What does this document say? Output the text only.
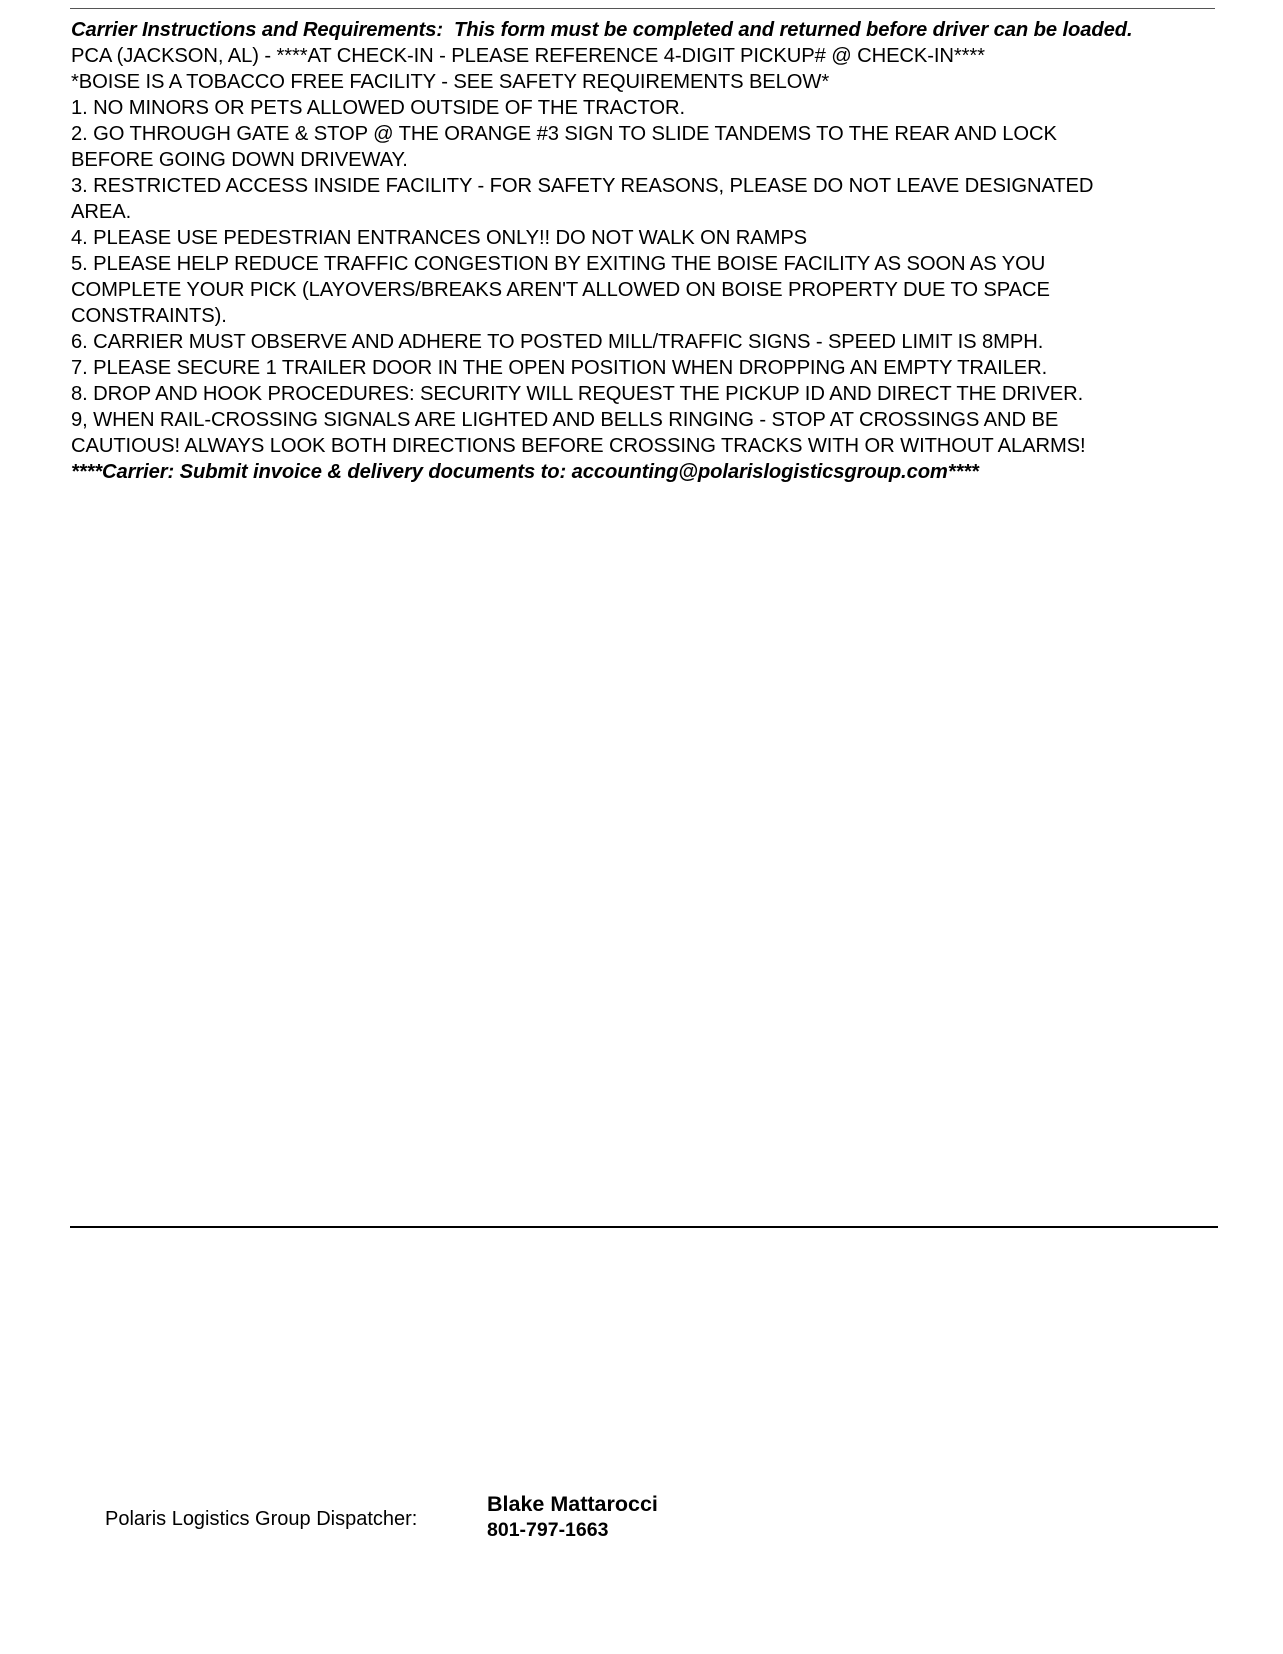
Carrier Instructions and Requirements:  This form must be completed and returned before driver can be loaded.
PCA (JACKSON, AL) - ****AT CHECK-IN - PLEASE REFERENCE 4-DIGIT PICKUP# @ CHECK-IN****
*BOISE IS A TOBACCO FREE FACILITY - SEE SAFETY REQUIREMENTS BELOW*
1. NO MINORS OR PETS ALLOWED OUTSIDE OF THE TRACTOR.
2. GO THROUGH GATE & STOP @ THE ORANGE #3 SIGN TO SLIDE TANDEMS TO THE REAR AND LOCK
BEFORE GOING DOWN DRIVEWAY.
3. RESTRICTED ACCESS INSIDE FACILITY - FOR SAFETY REASONS, PLEASE DO NOT LEAVE DESIGNATED
AREA.
4. PLEASE USE PEDESTRIAN ENTRANCES ONLY!! DO NOT WALK ON RAMPS
5. PLEASE HELP REDUCE TRAFFIC CONGESTION BY EXITING THE BOISE FACILITY AS SOON AS YOU
COMPLETE YOUR PICK (LAYOVERS/BREAKS AREN'T ALLOWED ON BOISE PROPERTY DUE TO SPACE
CONSTRAINTS).
6. CARRIER MUST OBSERVE AND ADHERE TO POSTED MILL/TRAFFIC SIGNS - SPEED LIMIT IS 8MPH.
7. PLEASE SECURE 1 TRAILER DOOR IN THE OPEN POSITION WHEN DROPPING AN EMPTY TRAILER.
8. DROP AND HOOK PROCEDURES: SECURITY WILL REQUEST THE PICKUP ID AND DIRECT THE DRIVER.
9, WHEN RAIL-CROSSING SIGNALS ARE LIGHTED AND BELLS RINGING - STOP AT CROSSINGS AND BE
CAUTIOUS! ALWAYS LOOK BOTH DIRECTIONS BEFORE CROSSING TRACKS WITH OR WITHOUT ALARMS!
****Carrier: Submit invoice & delivery documents to: accounting@polarislogisticsgroup.com****
Polaris Logistics Group Dispatcher:
Blake Mattarocci
801-797-1663
